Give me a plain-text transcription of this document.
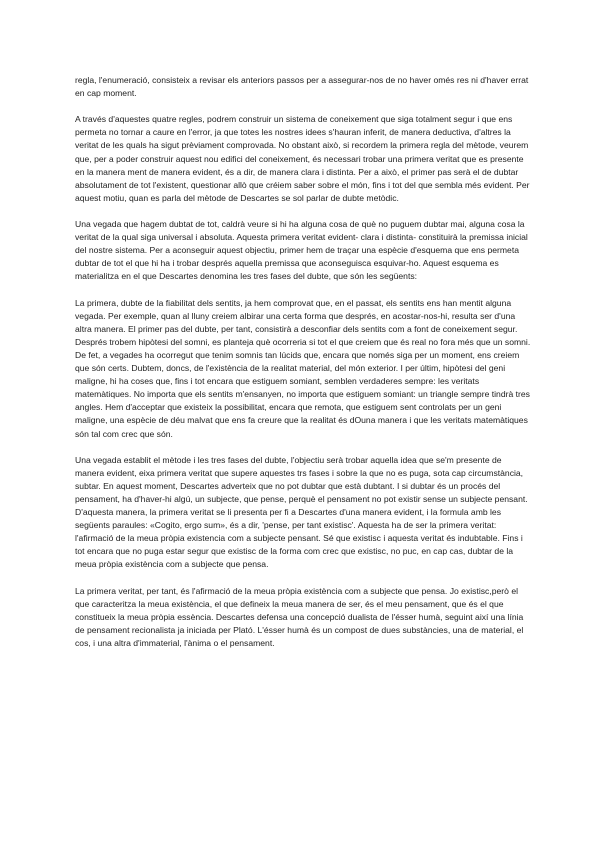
regla, l'enumeració, consisteix a revisar els anteriors passos per a assegurar-nos de no haver omés res ni d'haver errat en cap moment.

A través d'aquestes quatre regles, podrem construir un sistema de coneixement que siga totalment segur i que ens permeta no tornar a caure en l'error, ja que totes les nostres idees s'hauran inferit, de manera deductiva, d'altres la veritat de les quals ha sigut prèviament comprovada. No obstant això, si recordem la primera regla del mètode, veurem que, per a poder construir aquest nou edifici del coneixement, és necessari trobar una primera veritat que es presente en la manera ment de manera evident, és a dir, de manera clara i distinta. Per a això, el primer pas serà el de dubtar absolutament de tot l'existent, questionar allò que créiem saber sobre el món, fins i tot del que sembla més evident. Per aquest motiu, quan es parla del mètode de Descartes se sol parlar de dubte metòdic.

Una vegada que hagem dubtat de tot, caldrà veure si hi ha alguna cosa de què no puguem dubtar mai, alguna cosa la veritat de la qual siga universal i absoluta. Aquesta primera veritat evident- clara i distinta- constituirà la premissa inicial del nostre sistema. Per a aconseguir aquest objectiu, primer hem de traçar una espècie d'esquema que ens permeta dubtar de tot el que hi ha i trobar després aquella premissa que aconseguisca esquivar-ho. Aquest esquema es materialitza en el que Descartes denomina les tres fases del dubte, que són les següents:

La primera, dubte de la fiabilitat dels sentits, ja hem comprovat que, en el passat, els sentits ens han mentit alguna vegada. Per exemple, quan al lluny creiem albirar una certa forma que després, en acostar-nos-hi, resulta ser d'una altra manera. El primer pas del dubte, per tant, consistirà a desconfiar dels sentits com a font de coneixement segur. Després trobem hipòtesi del somni, es planteja què ocorreria si tot el que creiem que és real no fora més que un somni. De fet, a vegades ha ocorregut que tenim somnis tan lúcids que, encara que només siga per un moment, ens creiem que són certs. Dubtem, doncs, de l'existència de la realitat material, del món exterior. I per últim, hipòtesi del geni maligne, hi ha coses que, fins i tot encara que estiguem somiant, semblen verdaderes sempre: les veritats matemàtiques. No importa que els sentits m'ensanyen, no importa que estiguem somiant: un triangle sempre tindrà tres angles. Hem d'acceptar que existeix la possibilitat, encara que remota, que estiguem sent controlats per un geni maligne, una espècie de déu malvat que ens fa creure que la realitat és dOuna manera i que les veritats matemàtiques són tal com crec que són.

Una vegada establit el mètode i les tres fases del dubte, l'objectiu serà trobar aquella idea que se'm presente de manera evident, eixa primera veritat que supere aquestes trs fases i sobre la que no es puga, sota cap circumstància, subtar. En aquest moment, Descartes adverteix que no pot dubtar que està dubtant. I si dubtar és un procés del pensament, ha d'haver-hi algú, un subjecte, que pense, perquè el pensament no pot existir sense un subjecte pensant. D'aquesta manera, la primera veritat se li presenta per fi a Descartes d'una manera evident, i la formula amb les següents paraules: «Cogito, ergo sum», és a dir, 'pense, per tant existisc'. Aquesta ha de ser la primera veritat: l'afirmació de la meua pròpia existencia com a subjecte pensant. Sé que existisc i aquesta veritat és indubtable. Fins i tot encara que no puga estar segur que existisc de la forma com crec que existisc, no puc, en cap cas, dubtar de la meua pròpia existència com a subjecte que pensa.

La primera veritat, per tant, és l'afirmació de la meua pròpia existència com a subjecte que pensa. Jo existisc,però el que caracteritza la meua existència, el que defineix la meua manera de ser, és el meu pensament, que és el que constitueix la meua pròpia essència. Descartes defensa una concepció dualista de l'ésser humà, seguint així una línia de pensament recionalista ja iniciada per Plató. L'ésser humà és un compost de dues substàncies, una de material, el cos, i una altra d'immaterial, l'ànima o el pensament.
